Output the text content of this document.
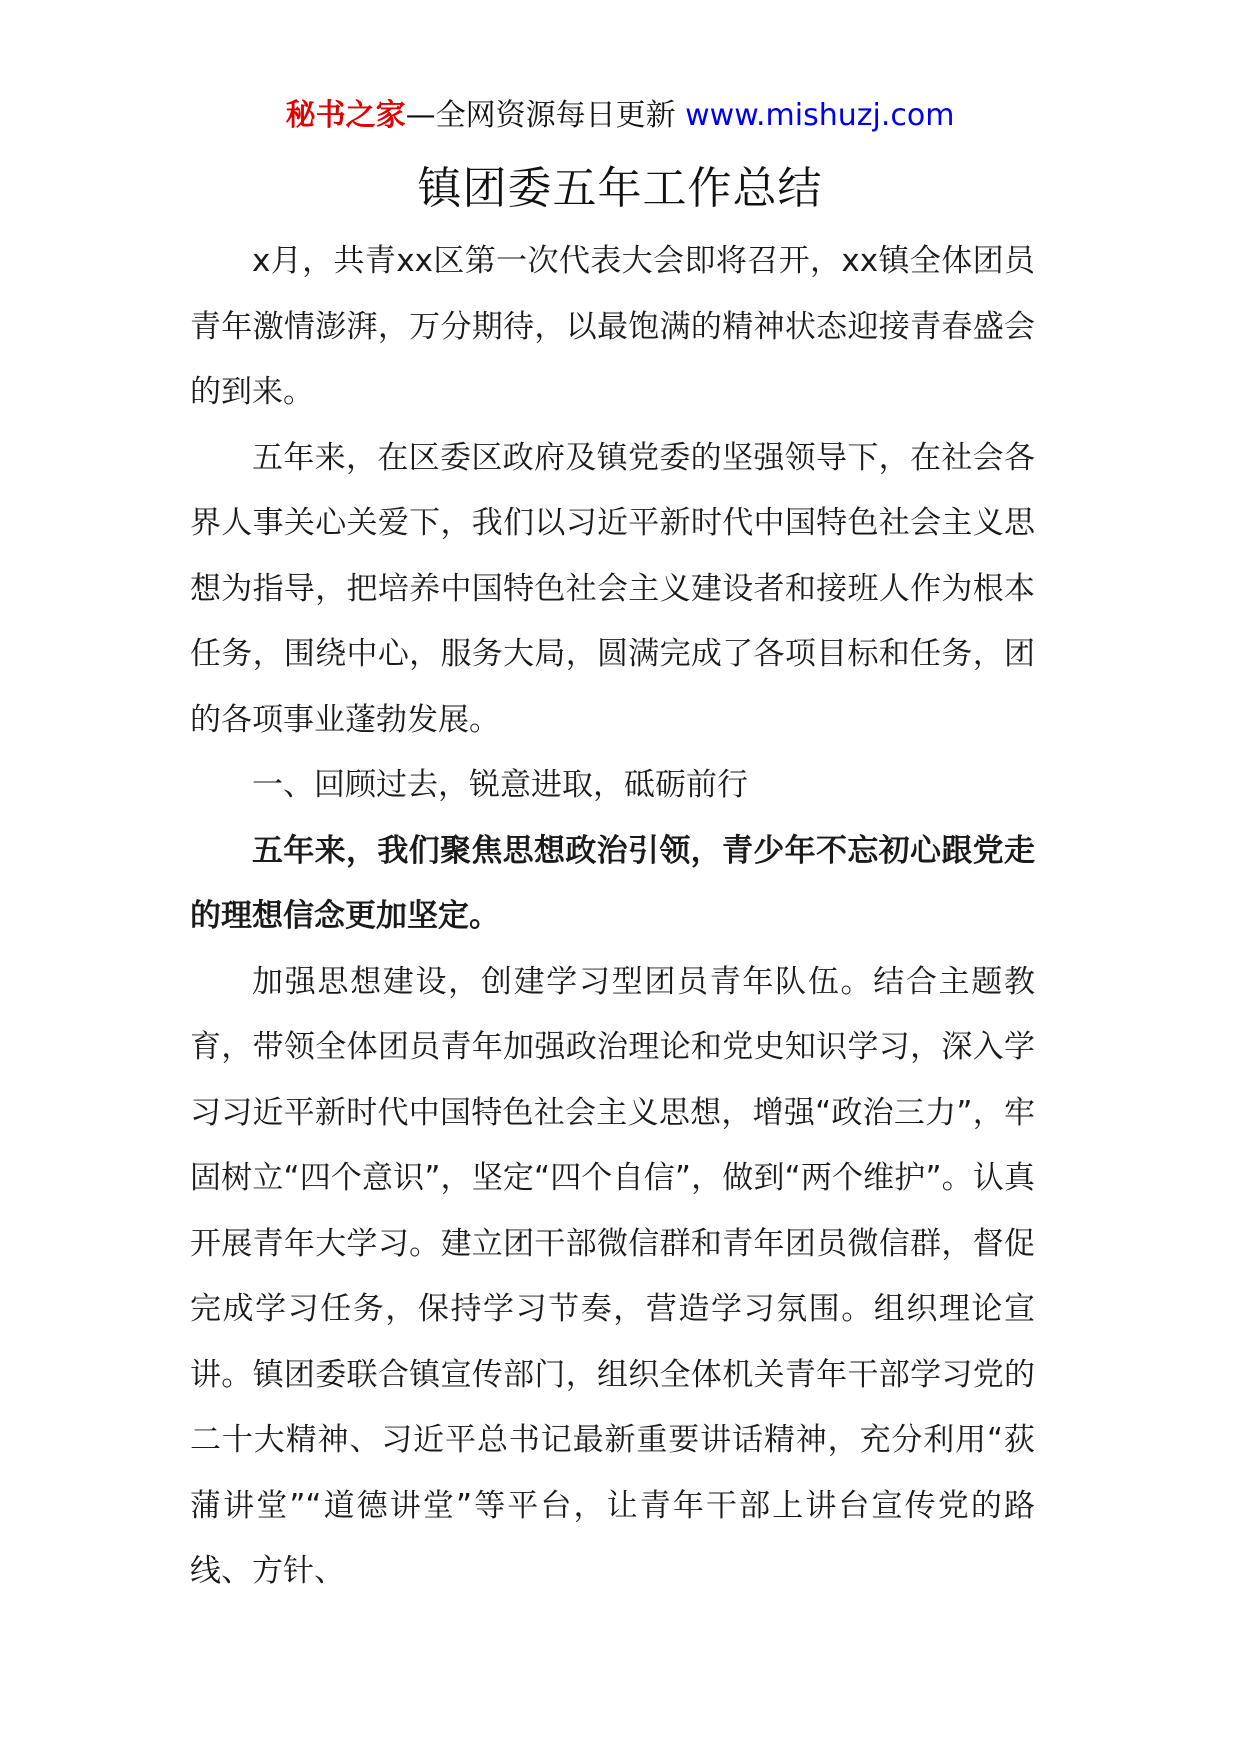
秘书之家—全网资源每日更新 www.mishuzj.com
镇团委五年工作总结

x月，共青xx区第一次代表大会即将召开，xx镇全体团员青年激情澎湃，万分期待，以最饱满的精神状态迎接青春盛会的到来。

五年来，在区委区政府及镇党委的坚强领导下，在社会各界人事关心关爱下，我们以习近平新时代中国特色社会主义思想为指导，把培养中国特色社会主义建设者和接班人作为根本任务，围绕中心，服务大局，圆满完成了各项目标和任务，团的各项事业蓬勃发展。

一、回顾过去，锐意进取，砥砺前行

五年来，我们聚焦思想政治引领，青少年不忘初心跟党走的理想信念更加坚定。

加强思想建设，创建学习型团员青年队伍。结合主题教育，带领全体团员青年加强政治理论和党史知识学习，深入学习习近平新时代中国特色社会主义思想，增强“政治三力”，牢固树立“四个意识”，坚定“四个自信”，做到“两个维护”。认真开展青年大学习。建立团干部微信群和青年团员微信群，督促完成学习任务，保持学习节奏，营造学习氛围。组织理论宣讲。镇团委联合镇宣传部门，组织全体机关青年干部学习党的二十大精神、习近平总书记最新重要讲话精神，充分利用“荻蒲讲堂”“道德讲堂”等平台，让青年干部上讲台宣传党的路线、方针、
